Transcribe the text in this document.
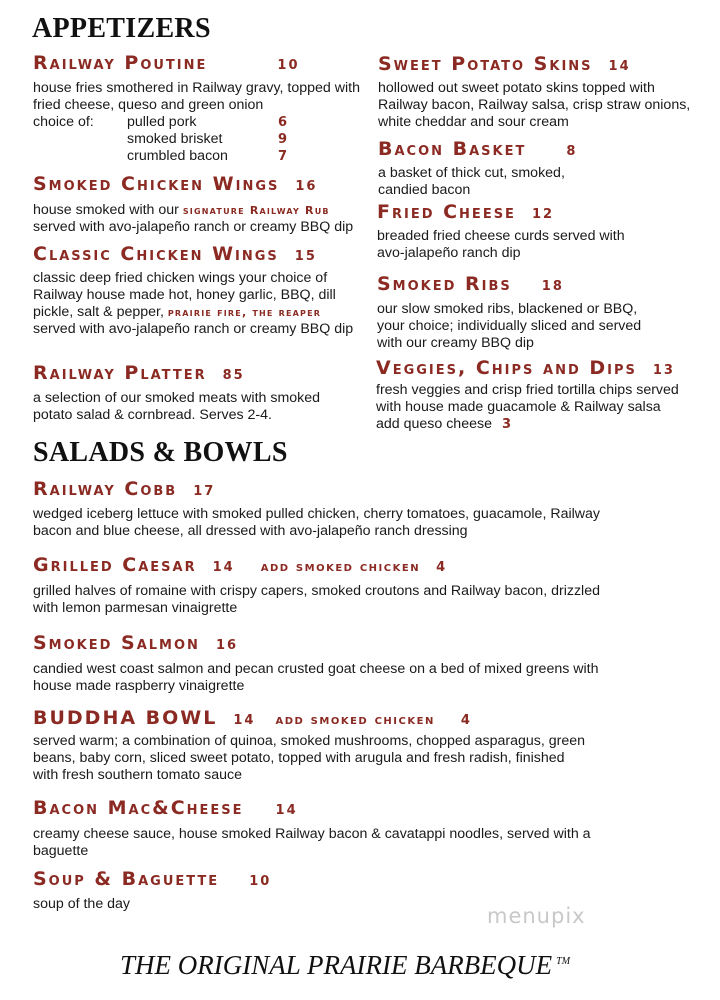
APPETIZERS
Railway Poutine	10
house fries smothered in Railway gravy, topped with fried cheese, queso and green onion
choice of: pulled pork	6
smoked brisket	9
crumbled bacon	7
Smoked Chicken Wings 16
house smoked with our signature Railway Rub
served with avo-jalapeño ranch or creamy BBQ dip
Classic Chicken Wings 15
classic deep fried chicken wings your choice of Railway house made hot, honey garlic, BBQ, dill pickle, salt & pepper, prairie fire, the reaper
served with avo-jalapeño ranch or creamy BBQ dip
Railway Platter 85
a selection of our smoked meats with smoked potato salad & cornbread. Serves 2-4.
Sweet Potato Skins 14
hollowed out sweet potato skins topped with Railway bacon, Railway salsa, crisp straw onions, white cheddar and sour cream
Bacon Basket	8
a basket of thick cut, smoked, candied bacon
Fried Cheese 12
breaded fried cheese curds served with avo-jalapeño ranch dip
Smoked Ribs 18
our slow smoked ribs, blackened or BBQ, your choice; individually sliced and served with our creamy BBQ dip
Veggies, Chips and Dips 13
fresh veggies and crisp fried tortilla chips served with house made guacamole & Railway salsa
add queso cheese 3
SALADS & BOWLS
Railway Cobb 17
wedged iceberg lettuce with smoked pulled chicken, cherry tomatoes, guacamole, Railway bacon and blue cheese, all dressed with avo-jalapeño ranch dressing
Grilled Caesar 14 add smoked chicken 4
grilled halves of romaine with crispy capers, smoked croutons and Railway bacon, drizzled with lemon parmesan vinaigrette
Smoked Salmon 16
candied west coast salmon and pecan crusted goat cheese on a bed of mixed greens with house made raspberry vinaigrette
BUDDHA BOWL 14 add smoked chicken 4
served warm; a combination of quinoa, smoked mushrooms, chopped asparagus, green beans, baby corn, sliced sweet potato, topped with arugula and fresh radish, finished with fresh southern tomato sauce
Bacon Mac&Cheese 14
creamy cheese sauce, house smoked Railway bacon & cavatappi noodles, served with a baguette
Soup & Baguette 10
soup of the day	menupix
THE ORIGINAL PRAIRIE BARBEQUE ™
